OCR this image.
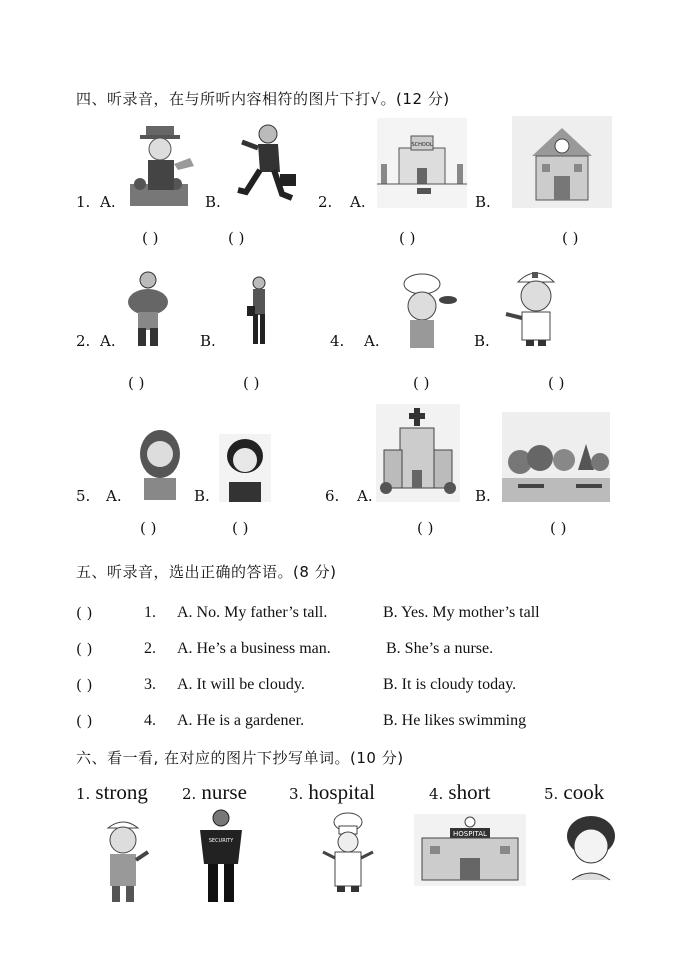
四、听录音，在与所听内容相符的图片下打√。(12 分)
1. A.	B.	2. A.
SCHOOL
B.
( )	( )	( )	( )
2. A.	B.	4. A.	B.
( )	( )	( )	( )
5. A.	B.	6. A.	B.
( )	( )	( )	( )
五、听录音，选出正确的答语。(8 分)
( )	1. A. No. My father’s tall.	B. Yes. My mother’s tall
( )	2. A. He’s a business man.	B. She’s a nurse.
( )	3. A. It will be cloudy.	B. It is cloudy today.
( )	4. A. He is a gardener.	B. He likes swimming
六、看一看, 在对应的图片下抄写单词。(10 分)
1. strong 2. nurse	3. hospital	4. short	5. cook
SECURITY
HOSPITAL
